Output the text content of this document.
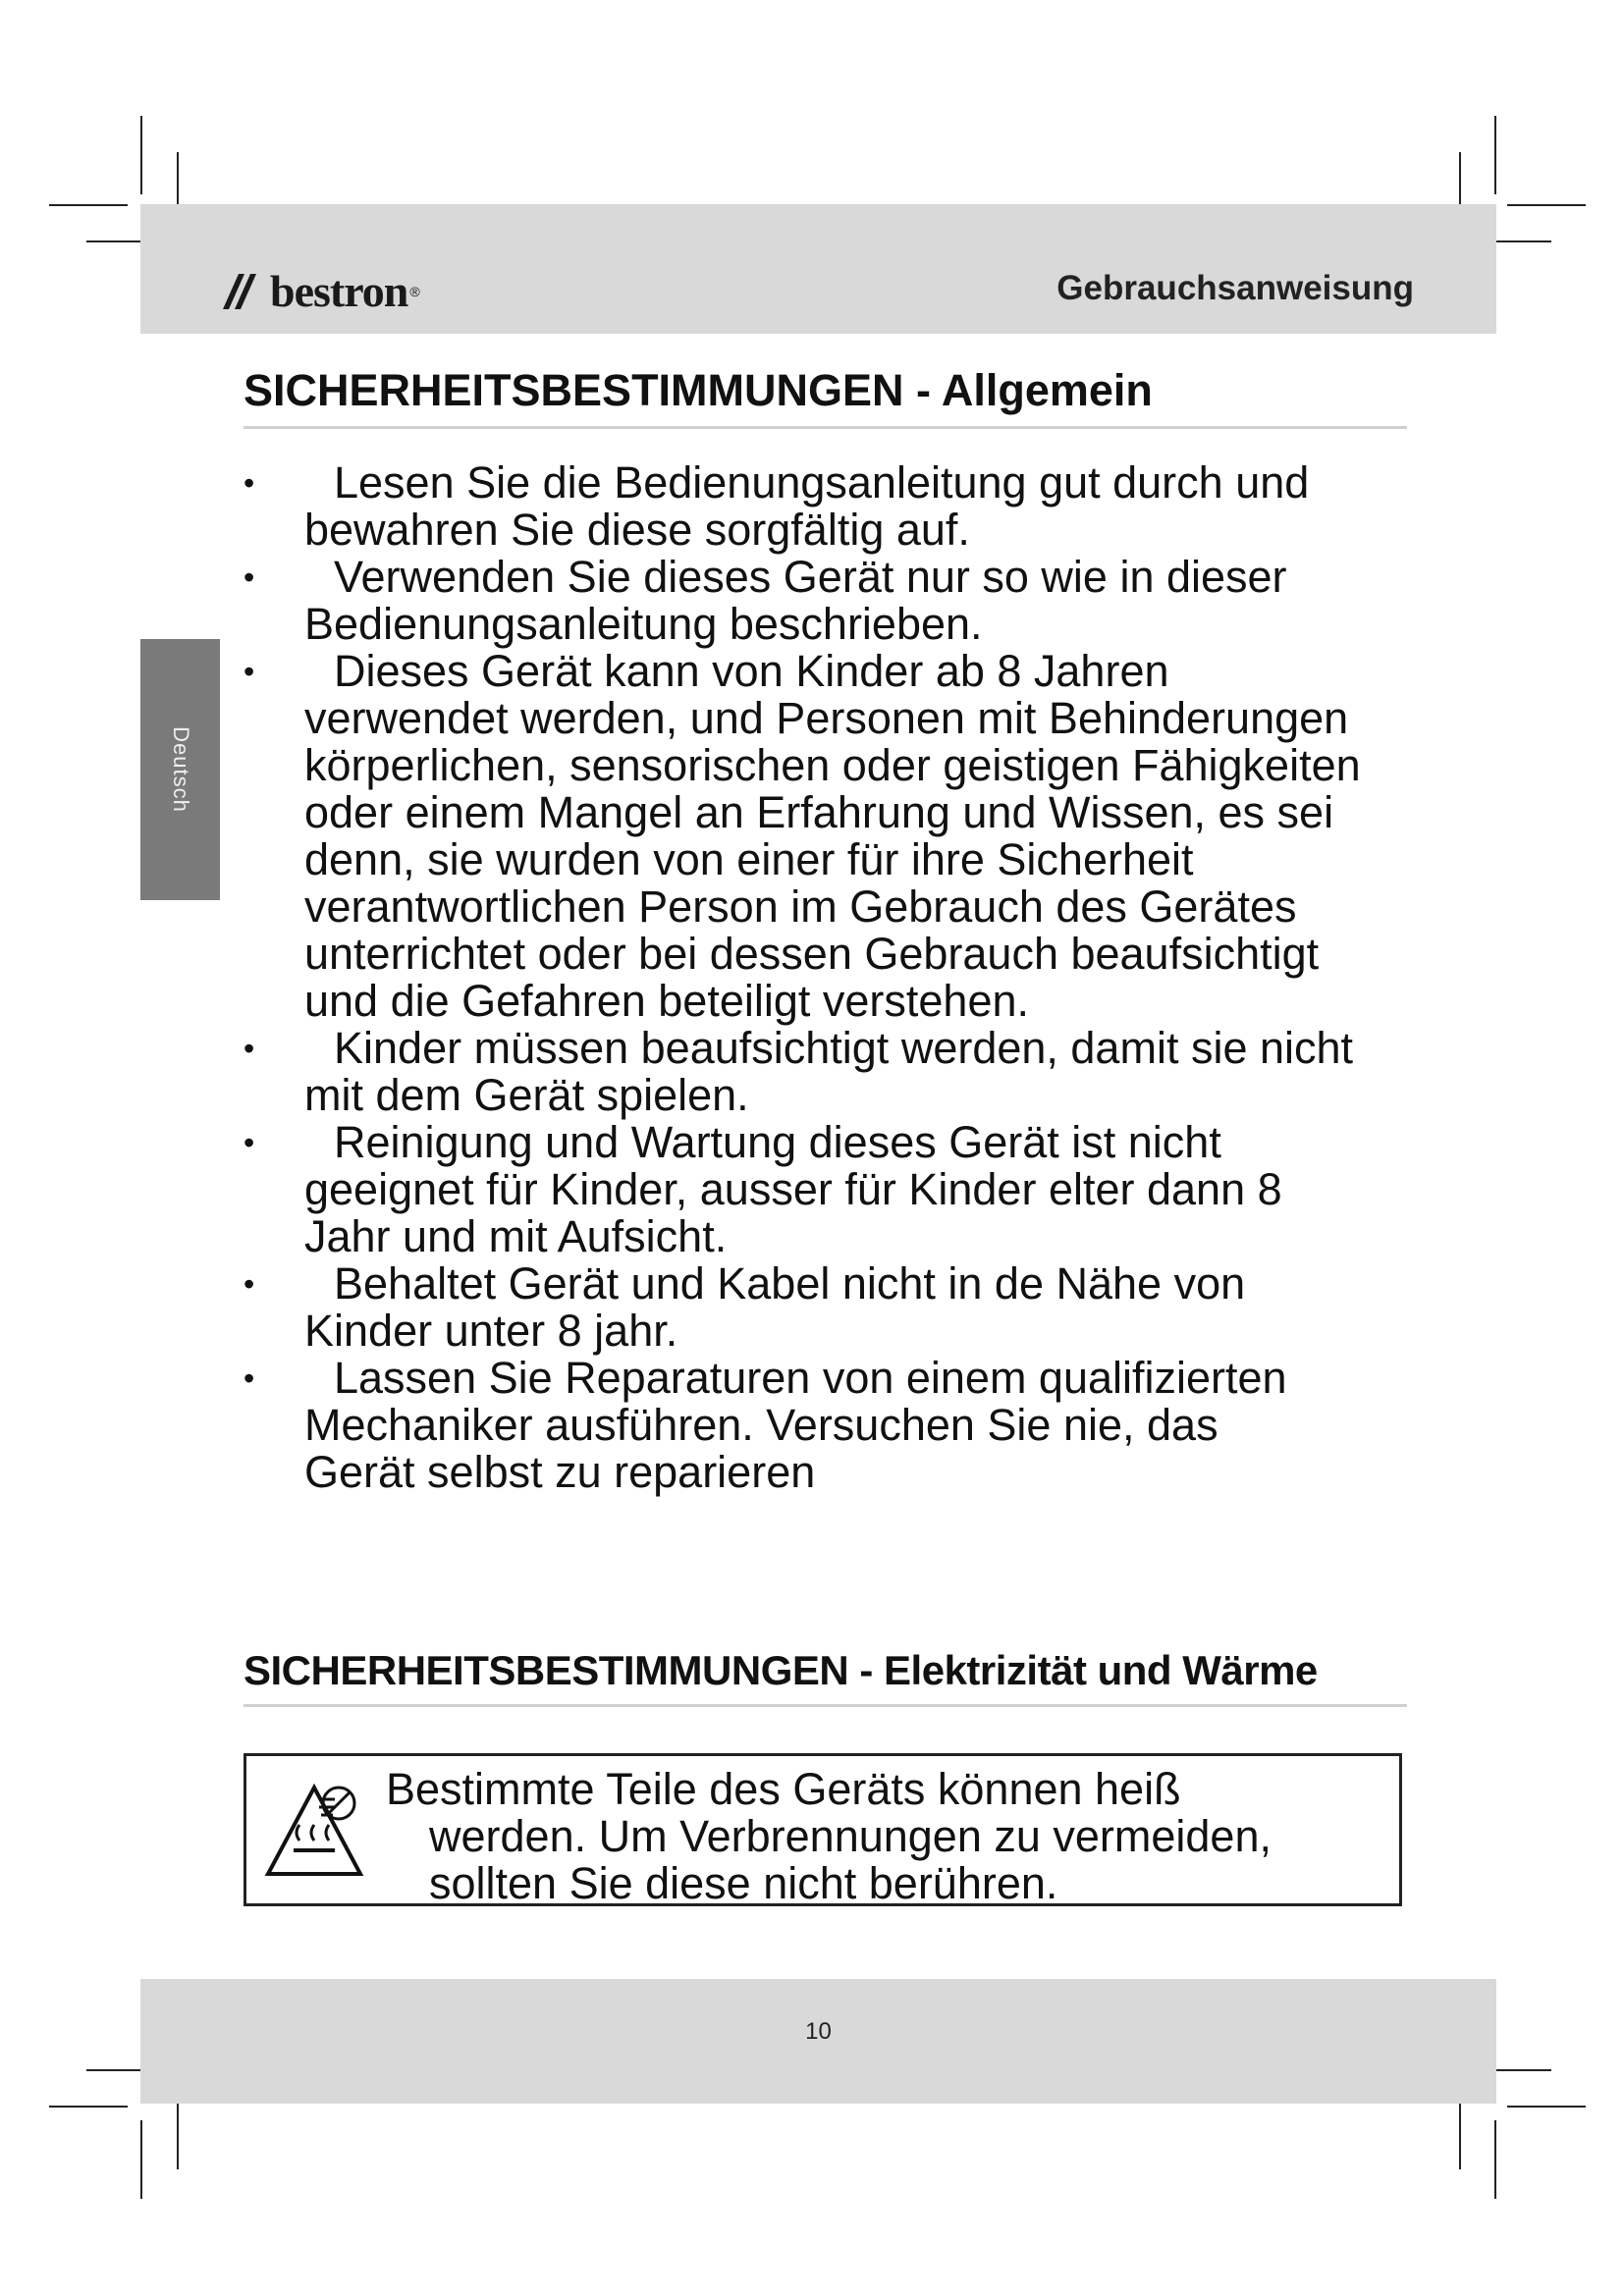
bestron ®	Gebrauchsanweisung
Deutsch
SICHERHEITSBESTIMMUNGEN - Allgemein
• Lesen Sie die Bedienungsanleitung gut durch und
bewahren Sie diese sorgfältig auf.
• Verwenden Sie dieses Gerät nur so wie in dieser
Bedienungsanleitung beschrieben.
• Dieses Gerät kann von Kinder ab 8 Jahren
verwendet werden, und Personen mit Behinderungen körperlichen, sensorischen oder geistigen Fähigkeiten oder einem Mangel an Erfahrung und Wissen, es sei denn, sie wurden von einer für ihre Sicherheit verantwortlichen Person im Gebrauch des Gerätes unterrichtet oder bei dessen Gebrauch beaufsichtigt und die Gefahren beteiligt verstehen.
• Kinder müssen beaufsichtigt werden, damit sie nicht
mit dem Gerät spielen.
• Reinigung und Wartung dieses Gerät ist nicht
geeignet für Kinder, ausser für Kinder elter dann 8 Jahr und mit Aufsicht.
• Behaltet Gerät und Kabel nicht in de Nähe von
Kinder unter 8 jahr.
• Lassen Sie Reparaturen von einem qualifizierten
Mechaniker ausführen. Versuchen Sie nie, das Gerät selbst zu reparieren
SICHERHEITSBESTIMMUNGEN - Elektrizität und Wärme
Bestimmte Teile des Geräts können heiß
werden. Um Verbrennungen zu vermeiden,
sollten Sie diese nicht berühren.
10
